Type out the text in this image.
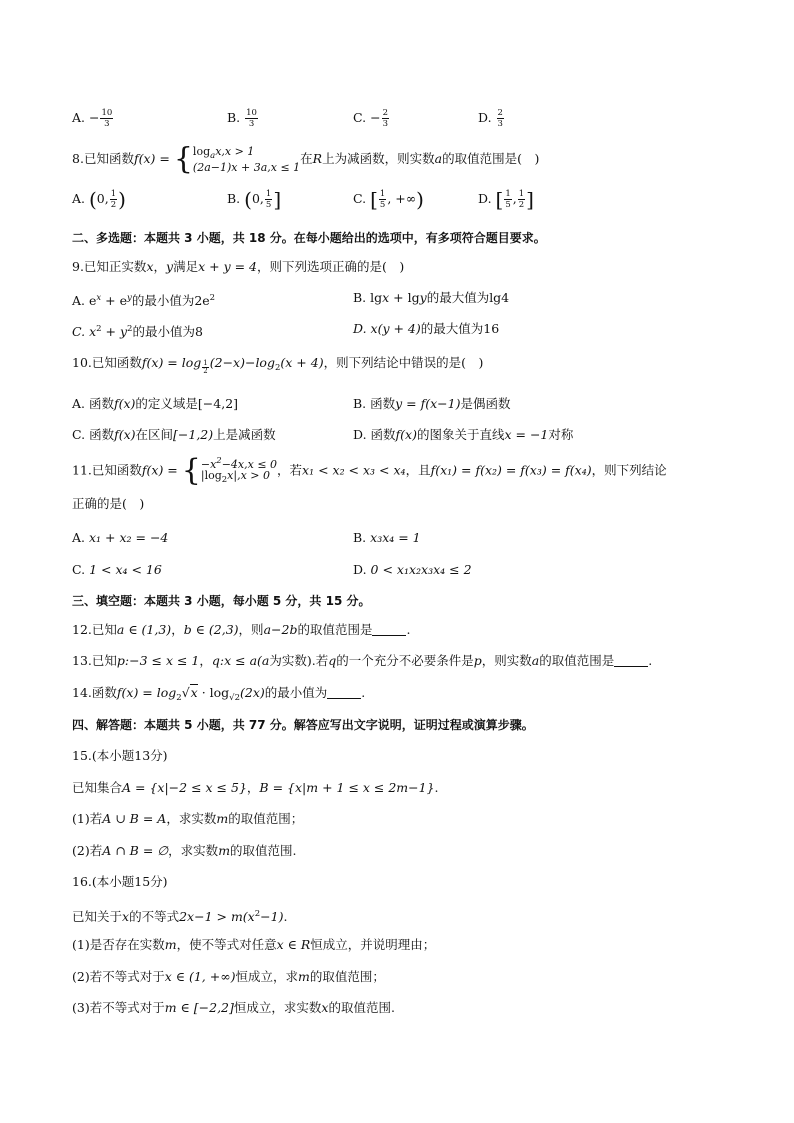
A. − $\frac{10}{3}$	B. $\frac{10}{3}$	C. − $\frac{2}{3}$	D. $\frac{2}{3}$
8.已知函数f(x) = { $\log_ax,x > 1$
(2a−1)x + 3a,x ≤ 1
在R上为减函数，则实数a的取值范围是(　)
A. (0, $\frac{1}{2}$ )	B. (0, $\frac{1}{5}$ ]	C. [ $\frac{1}{5}$ , +∞)	D. [ $\frac{1}{5}$ , $\frac{1}{2}$ ]
二、多选题：本题共 3 小题，共 18 分。在每小题给出的选项中，有多项符合题目要求。
9.已知正实数x，y满足x + y = 4，则下列选项正确的是(　)
A. $e^x + e^y$的最小值为$2e^2$	B. lgx + lgy的最大值为lg4
C. $x^2 + y^2$的最小值为8	D. x(y + 4)的最大值为16
10.已知函数$f(x) = \log \frac{1}{2} (2-x)-\log_2(x + 4)$，则下列结论中错误的是(　)
A. 函数f(x)的定义域是[−4,2]	B. 函数y = f(x−1)是偶函数
C. 函数f(x)在区间[−1,2)上是减函数	D. 函数f(x)的图象关于直线x = −1对称
11.已知函数f(x) = { $-x^2-4x,x \le 0$
$|\log_2x|,x > 0$ ，若x₁ < x₂ < x₃ < x₄，且f(x₁) = f(x₂) = f(x₃) = f(x₄)，则下列结论
正确的是(　)
A. x₁ + x₂ = −4	B. x₃x₄ = 1
C. 1 < x₄ < 16	D. 0 < x₁x₂x₃x₄ ≤ 2
三、填空题：本题共 3 小题，每小题 5 分，共 15 分。
12.已知a ∈ (1,3)，b ∈ (2,3)，则a−2b的取值范围是	.
13.已知p:−3 ≤ x ≤ 1，q:x ≤ a(a为实数).若q的一个充分不必要条件是p，则实数a的取值范围是	.
14.函数$f(x) = \log_2√x \cdot \log_{√2}(2x)$的最小值为	.
四、解答题：本题共 5 小题，共 77 分。解答应写出文字说明，证明过程或演算步骤。
15.(本小题13分)
已知集合A = {x|−2 ≤ x ≤ 5}，B = {x|m + 1 ≤ x ≤ 2m−1}.
(1)若A ∪ B = A，求实数m的取值范围；
(2)若A ∩ B = ∅，求实数m的取值范围.
16.(本小题15分)
已知关于x的不等式$2x-1 > m(x^2-1)$.
(1)是否存在实数m，使不等式对任意x ∈ R恒成立，并说明理由；
(2)若不等式对于x ∈ (1, +∞)恒成立，求m的取值范围；
(3)若不等式对于m ∈ [−2,2]恒成立，求实数x的取值范围.
